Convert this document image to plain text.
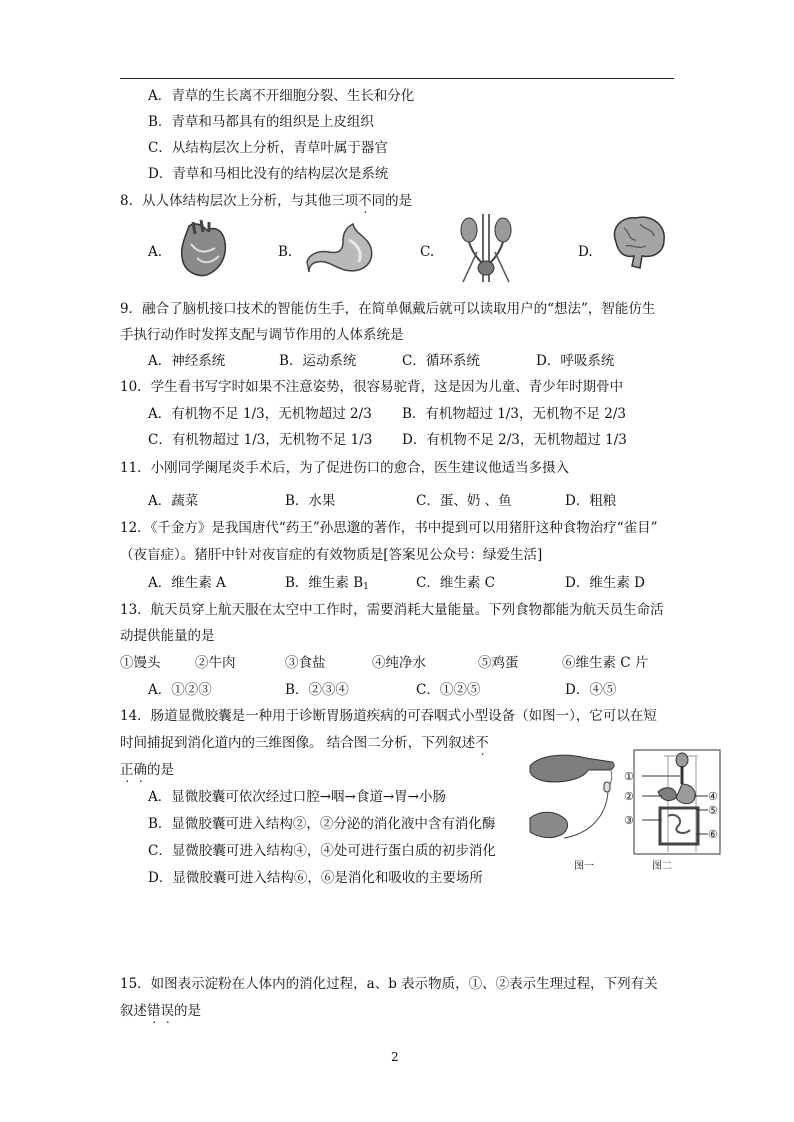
A．青草的生长离不开细胞分裂、生长和分化
B．青草和马都具有的组织是上皮组织
C．从结构层次上分析，青草叶属于器官
D．青草和马相比没有的结构层次是系统
8．从人体结构层次上分析，与其他三项不同的是
A.	B.	C.	D.
9．融合了脑机接口技术的智能仿生手，在简单佩戴后就可以读取用户的“想法”，智能仿生
手执行动作时发挥支配与调节作用的人体系统是
A．神经系统	B．运动系统	C．循环系统	D．呼吸系统
10．学生看书写字时如果不注意姿势，很容易驼背，这是因为儿童、青少年时期骨中
A．有机物不足 1/3，无机物超过 2/3 B．有机物超过 1/3，无机物不足 2/3
C．有机物超过 1/3，无机物不足 1/3 D．有机物不足 2/3，无机物超过 1/3
11．小刚同学阑尾炎手术后，为了促进伤口的愈合，医生建议他适当多摄入
A．蔬菜	B．水果	C．蛋、奶 、鱼	D．粗粮
12．《千金方》是我国唐代“药王”孙思邈的著作，书中提到可以用猪肝这种食物治疗“雀目”
（夜盲症）。猪肝中针对夜盲症的有效物质是[答案见公众号：绿爱生活]
A．维生素 A	B．维生素 $B_1$	C．维生素 C	D．维生素 D
13．航天员穿上航天服在太空中工作时，需要消耗大量能量。下列食物都能为航天员生命活
动提供能量的是
①馒头	②牛肉	③食盐	④纯净水	⑤鸡蛋	⑥维生素 C 片
A．①②③	B．②③④	C．①②⑤	D．④⑤
14．肠道显微胶囊是一种用于诊断胃肠道疾病的可吞咽式小型设备（如图一），它可以在短
时间捕捉到消化道内的三维图像。 结合图二分析，下列叙述不
正确的是
A．显微胶囊可依次经过口腔→咽→食道→胃→小肠
B．显微胶囊可进入结构②，②分泌的消化液中含有消化酶
C．显微胶囊可进入结构④，④处可进行蛋白质的初步消化
D．显微胶囊可进入结构⑥，⑥是消化和吸收的主要场所
①
②
③
④
⑤
⑥
图一	图二
15．如图表示淀粉在人体内的消化过程，a、b 表示物质，①、②表示生理过程，下列有关
叙述错误的是
2
